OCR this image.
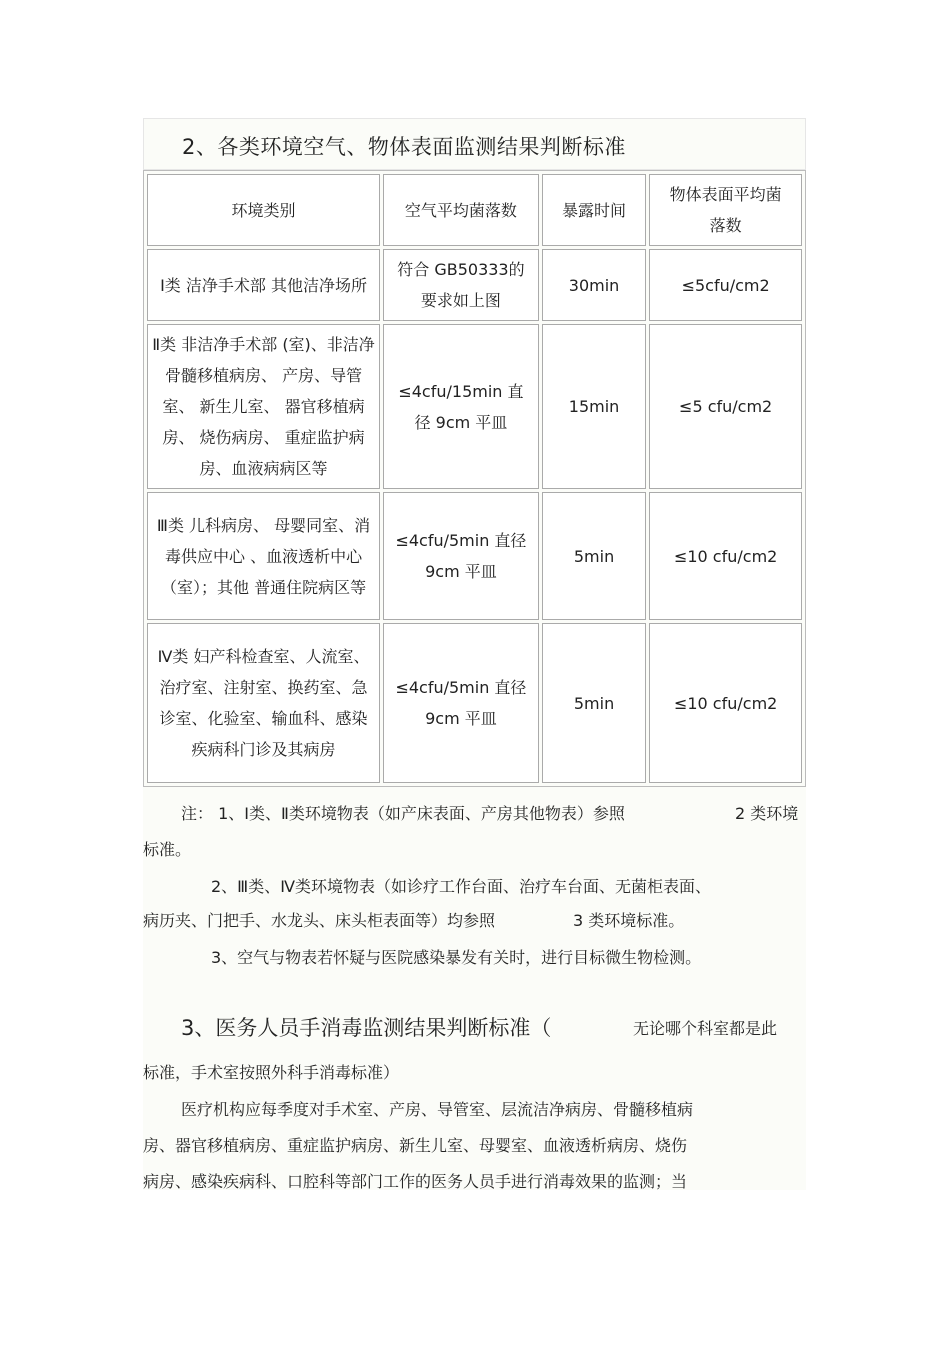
2、各类环境空气、物体表面监测结果判断标准
环境类别	空气平均菌落数	暴露时间	物体表面平均菌落数
Ⅰ类 洁净手术部 其他洁净场所	符合 GB50333的要求如上图	30min	≤5cfu/cm2
Ⅱ类 非洁净手术部 (室)、非洁净骨髓移植病房、 产房、导管室、 新生儿室、 器官移植病房、 烧伤病房、 重症监护病房、血液病病区等	≤4cfu/15min 直径 9cm 平皿	15min	≤5 cfu/cm2
Ⅲ类 儿科病房、 母婴同室、消毒供应中心 、血液透析中心（室）；其他 普通住院病区等	≤4cfu/5min 直径 9cm 平皿	5min	≤10 cfu/cm2
Ⅳ类 妇产科检查室、人流室、治疗室、注射室、换药室、急诊室、化验室、输血科、感染疾病科门诊及其病房	≤4cfu/5min 直径 9cm 平皿	5min	≤10 cfu/cm2
注： 1、Ⅰ类、Ⅱ类环境物表（如产床表面、产房其他物表）参照	2 类环境
标准。
2、Ⅲ类、Ⅳ类环境物表（如诊疗工作台面、治疗车台面、无菌柜表面、
病历夹、门把手、水龙头、床头柜表面等）均参照	3 类环境标准。
3、空气与物表若怀疑与医院感染暴发有关时，进行目标微生物检测。
3、医务人员手消毒监测结果判断标准（	无论哪个科室都是此
标准，手术室按照外科手消毒标准）
医疗机构应每季度对手术室、产房、导管室、层流洁净病房、骨髓移植病
房、器官移植病房、重症监护病房、新生儿室、母婴室、血液透析病房、烧伤
病房、感染疾病科、口腔科等部门工作的医务人员手进行消毒效果的监测；当
